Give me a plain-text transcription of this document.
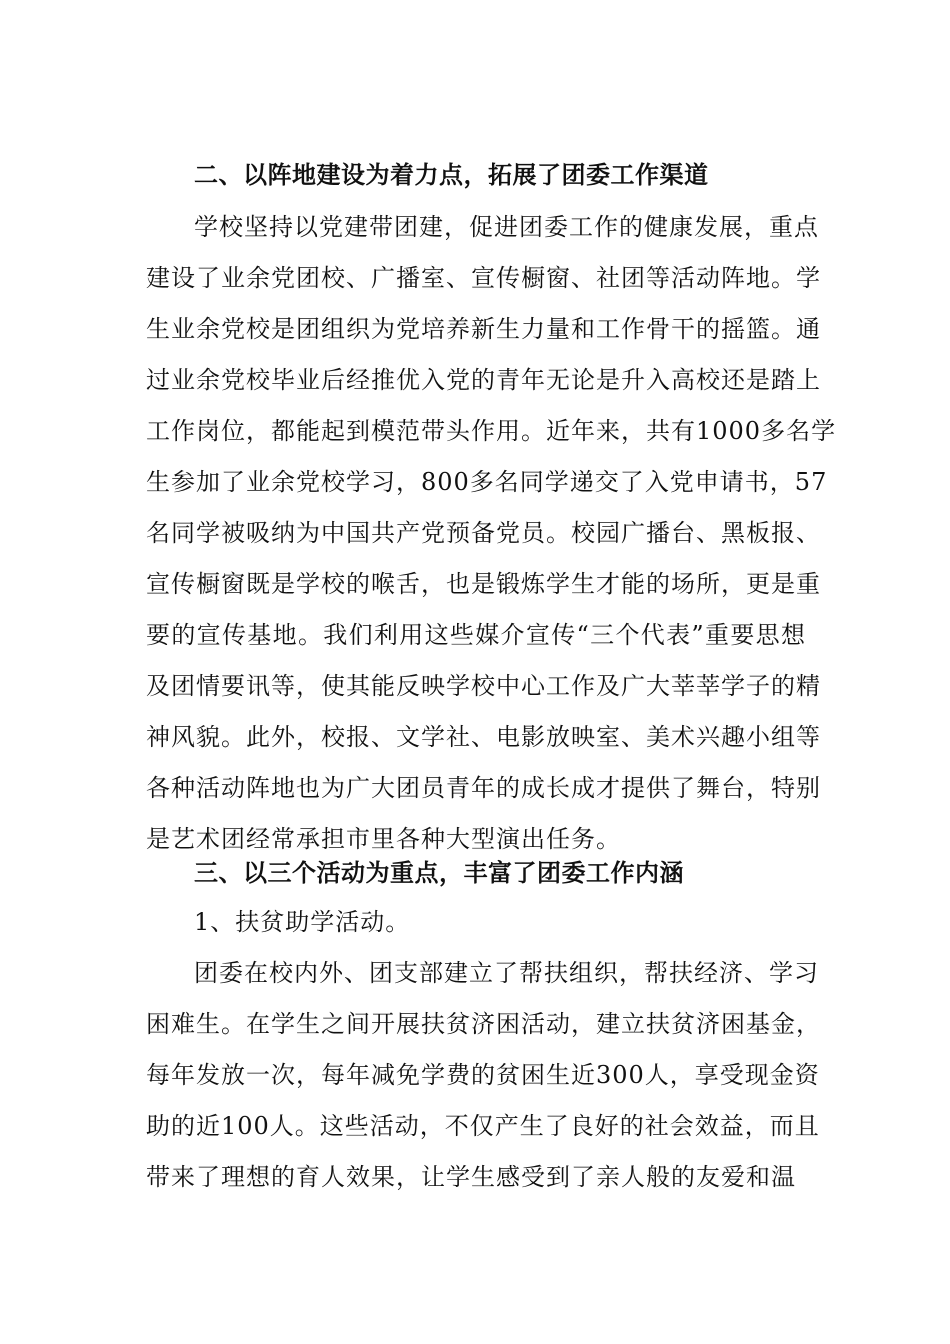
二、以阵地建设为着力点，拓展了团委工作渠道
学校坚持以党建带团建，促进团委工作的健康发展，重点
建设了业余党团校、广播室、宣传橱窗、社团等活动阵地。学
生业余党校是团组织为党培养新生力量和工作骨干的摇篮。通
过业余党校毕业后经推优入党的青年无论是升入高校还是踏上
工作岗位，都能起到模范带头作用。近年来，共有1000多名学
生参加了业余党校学习，800多名同学递交了入党申请书，57
名同学被吸纳为中国共产党预备党员。校园广播台、黑板报、
宣传橱窗既是学校的喉舌，也是锻炼学生才能的场所，更是重
要的宣传基地。我们利用这些媒介宣传“三个代表”重要思想
及团情要讯等，使其能反映学校中心工作及广大莘莘学子的精
神风貌。此外，校报、文学社、电影放映室、美术兴趣小组等
各种活动阵地也为广大团员青年的成长成才提供了舞台，特别
是艺术团经常承担市里各种大型演出任务。
三、以三个活动为重点，丰富了团委工作内涵
1、扶贫助学活动。
团委在校内外、团支部建立了帮扶组织，帮扶经济、学习
困难生。在学生之间开展扶贫济困活动，建立扶贫济困基金，
每年发放一次，每年减免学费的贫困生近300人，享受现金资
助的近100人。这些活动，不仅产生了良好的社会效益，而且
带来了理想的育人效果，让学生感受到了亲人般的友爱和温
